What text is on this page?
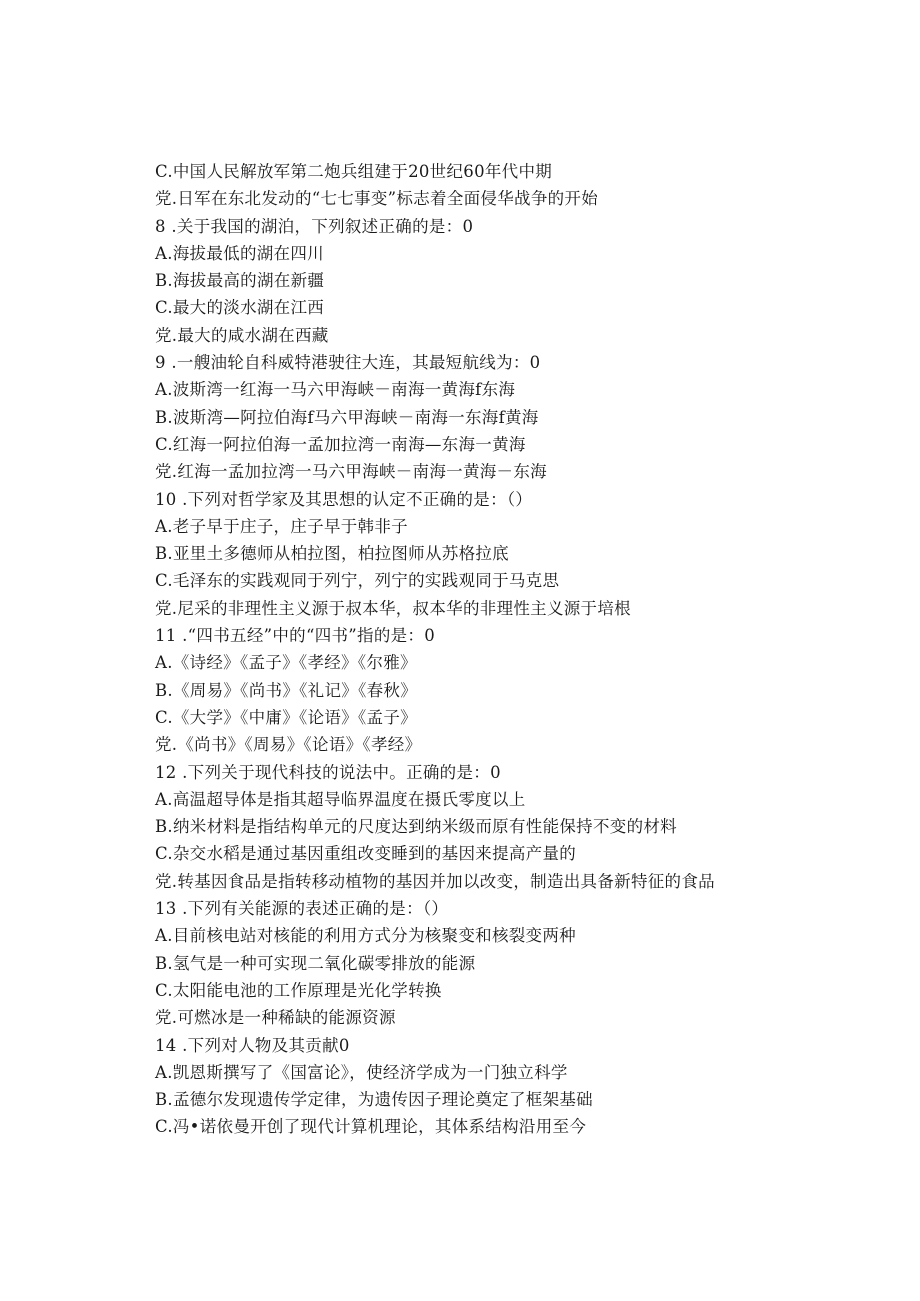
C.中国人民解放军第二炮兵组建于20世纪60年代中期
党.日军在东北发动的“七七事变”标志着全面侵华战争的开始
8 .关于我国的湖泊，下列叙述正确的是：0
A.海拔最低的湖在四川
B.海拔最高的湖在新疆
C.最大的淡水湖在江西
党.最大的咸水湖在西藏
9 .一艘油轮自科威特港驶往大连，其最短航线为：0
A.波斯湾一红海一马六甲海峡－南海一黄海f东海
B.波斯湾—阿拉伯海f马六甲海峡－南海一东海f黄海
C.红海一阿拉伯海一孟加拉湾一南海—东海一黄海
党.红海一孟加拉湾一马六甲海峡－南海一黄海－东海
10 .下列对哲学家及其思想的认定不正确的是：（）
A.老子早于庄子，庄子早于韩非子
B.亚里土多德师从柏拉图，柏拉图师从苏格拉底
C.毛泽东的实践观同于列宁，列宁的实践观同于马克思
党.尼采的非理性主义源于叔本华，叔本华的非理性主义源于培根
11 .“四书五经”中的“四书”指的是：0
A.《诗经》《孟子》《孝经》《尔雅》
B.《周易》《尚书》《礼记》《春秋》
C.《大学》《中庸》《论语》《孟子》
党.《尚书》《周易》《论语》《孝经》
12 .下列关于现代科技的说法中。正确的是：0
A.高温超导体是指其超导临界温度在摄氏零度以上
B.纳米材料是指结构单元的尺度达到纳米级而原有性能保持不变的材料
C.杂交水稻是通过基因重组改变睡到的基因来提高产量的
党.转基因食品是指转移动植物的基因并加以改变，制造出具备新特征的食品
13 .下列有关能源的表述正确的是：（）
A.目前核电站对核能的利用方式分为核聚变和核裂变两种
B.氢气是一种可实现二氧化碳零排放的能源
C.太阳能电池的工作原理是光化学转换
党.可燃冰是一种稀缺的能源资源
14 .下列对人物及其贡献0
A.凯恩斯撰写了《国富论》，使经济学成为一门独立科学
B.孟德尔发现遗传学定律，为遗传因子理论奠定了框架基础
C.冯•诺依曼开创了现代计算机理论，其体系结构沿用至今
